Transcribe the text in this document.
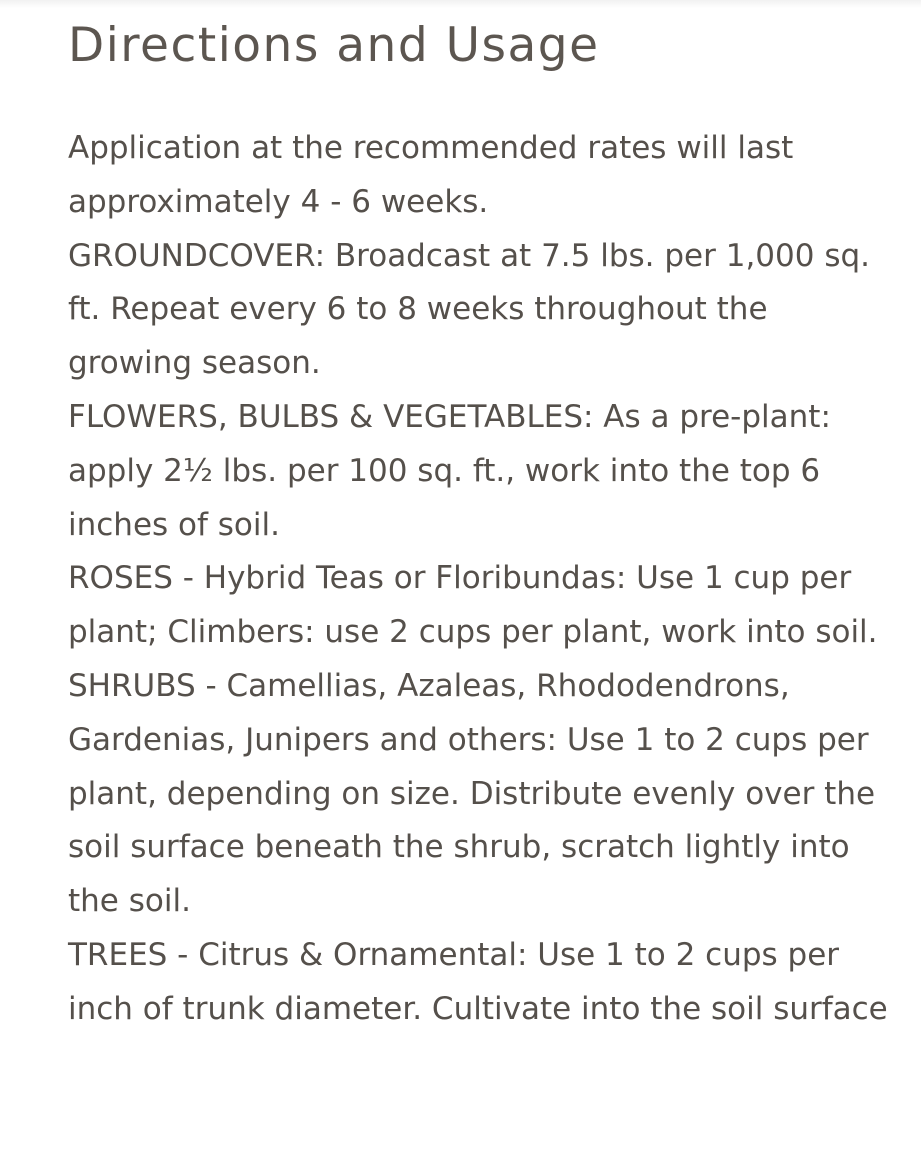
Directions and Usage

Application at the recommended rates will last approximately 4 - 6 weeks.

GROUNDCOVER: Broadcast at 7.5 lbs. per 1,000 sq. ft. Repeat every 6 to 8 weeks throughout the growing season.

FLOWERS, BULBS & VEGETABLES: As a pre-plant: apply 2½ lbs. per 100 sq. ft., work into the top 6 inches of soil.

ROSES - Hybrid Teas or Floribundas: Use 1 cup per plant; Climbers: use 2 cups per plant, work into soil.

SHRUBS - Camellias, Azaleas, Rhododendrons, Gardenias, Junipers and others: Use 1 to 2 cups per plant, depending on size. Distribute evenly over the soil surface beneath the shrub, scratch lightly into the soil.

TREES - Citrus & Ornamental: Use 1 to 2 cups per inch of trunk diameter. Cultivate into the soil surface
